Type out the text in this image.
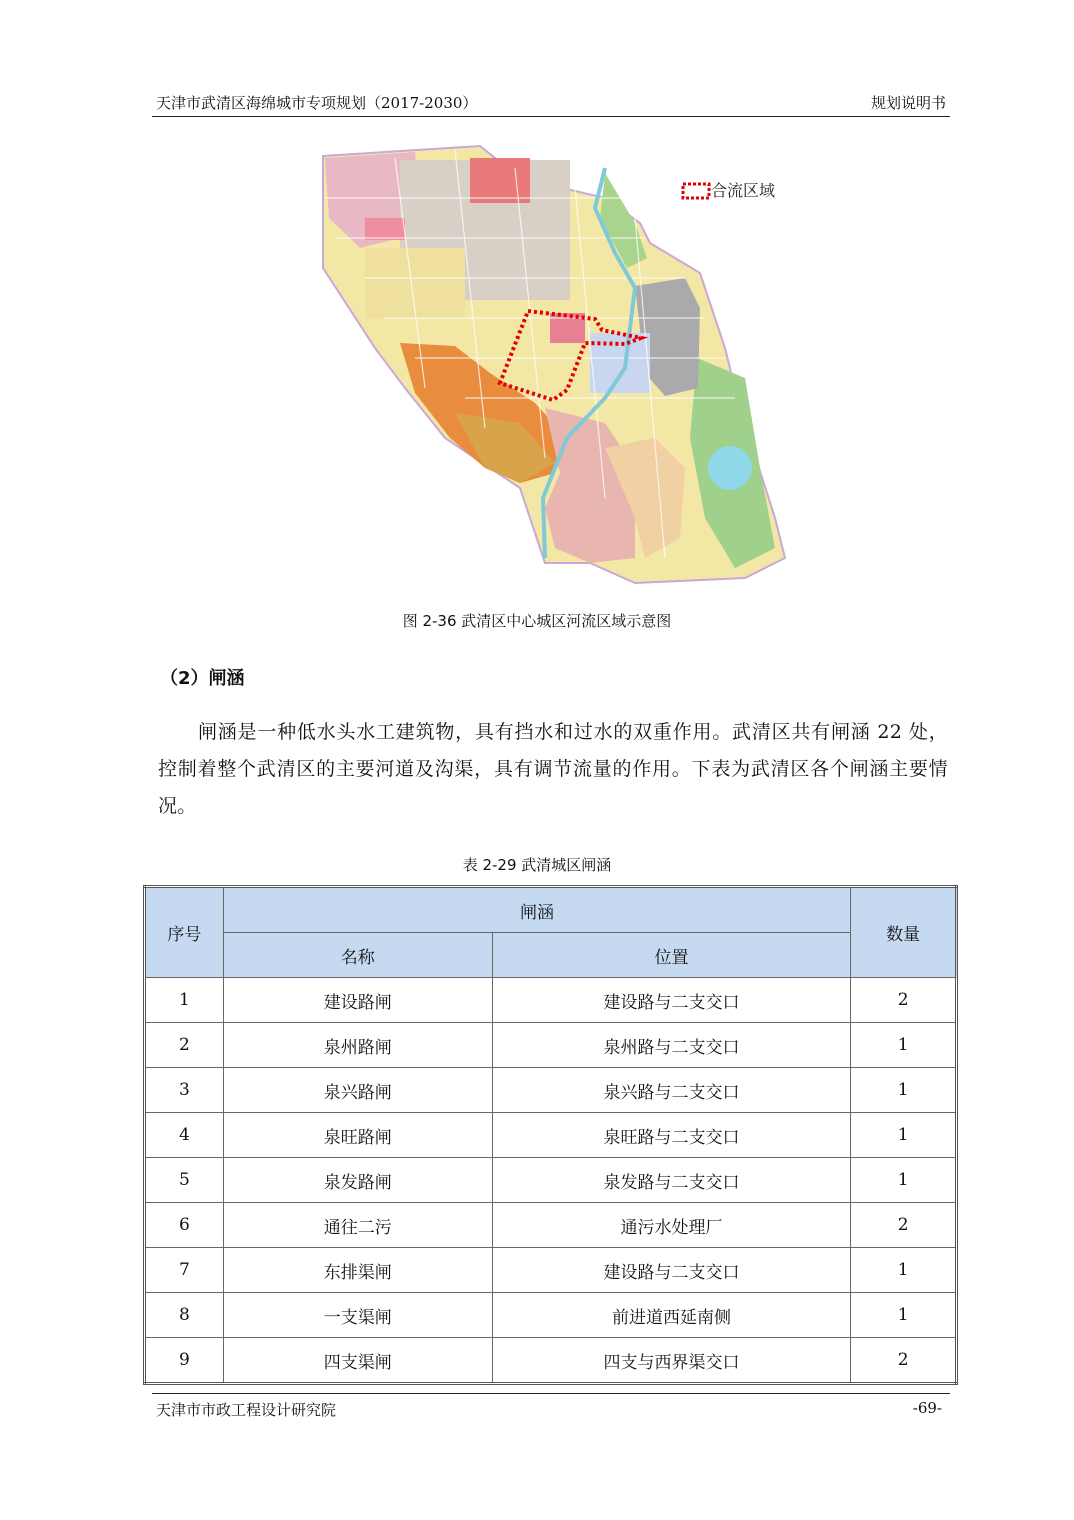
天津市武清区海绵城市专项规划（2017-2030）	规划说明书
合流区域
图 2-36 武清区中心城区河流区域示意图
（2）闸涵
闸涵是一种低水头水工建筑物，具有挡水和过水的双重作用。武清区共有闸涵 22 处，控制着整个武清区的主要河道及沟渠，具有调节流量的作用。下表为武清区各个闸涵主要情况。
表 2-29 武清城区闸涵
序号	闸涵		数量
	名称	位置	
1	建设路闸	建设路与二支交口	2
2	泉州路闸	泉州路与二支交口	1
3	泉兴路闸	泉兴路与二支交口	1
4	泉旺路闸	泉旺路与二支交口	1
5	泉发路闸	泉发路与二支交口	1
6	通往二污	通污水处理厂	2
7	东排渠闸	建设路与二支交口	1
8	一支渠闸	前进道西延南侧	1
9	四支渠闸	四支与西界渠交口	2
天津市市政工程设计研究院	-69-
